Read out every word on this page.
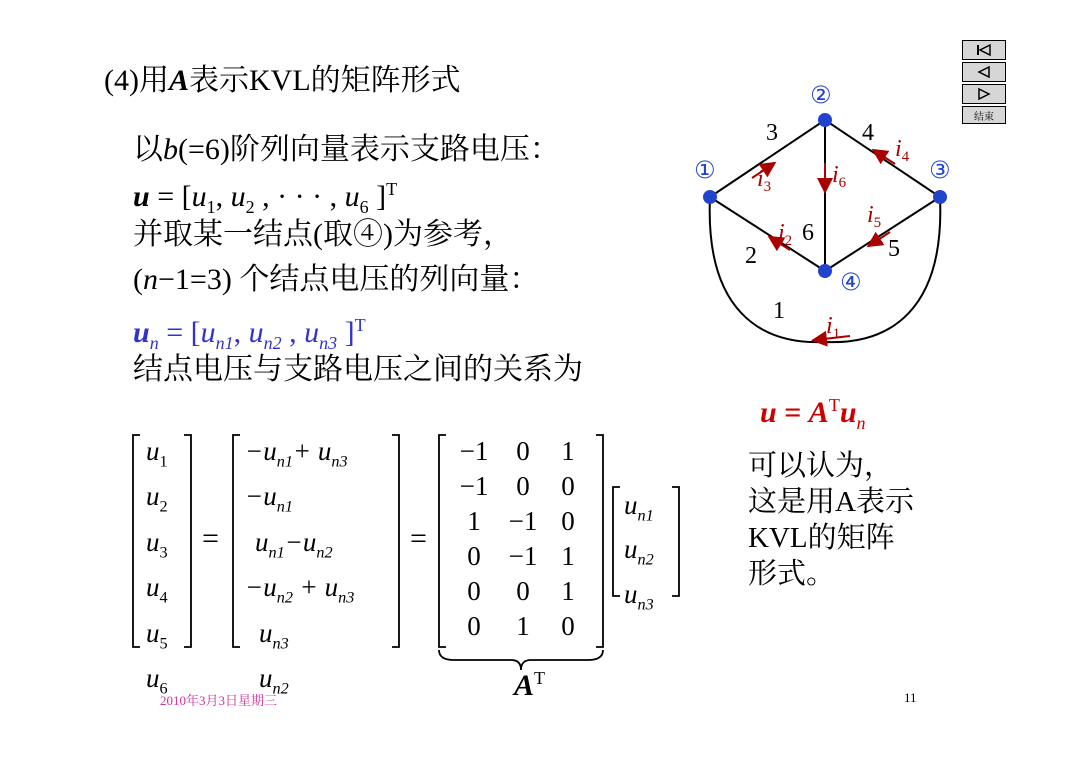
(4)用A表示KVL的矩阵形式
以b(=6)阶列向量表示支路电压：
$u = [u_1$, $u_2$ , · · · , $u_6$ ]$^T$
并取某一结点(取④)为参考，
(n−1=3) 个结点电压的列向量：
$u_n = [u_{n1}$, $u_{n2}$ , $u_{n3}$ ]$^T$
结点电压与支路电压之间的关系为
$u = A^Tu_n$
①
②
③
④
1
2
3	4
5
6
$i_1$
$i_2$
$i_3$
$i_4$
$i_5$
$i_6$
结束
$u_1$
$u_2$
$u_3$
$u_4$
$u_5$
$u_6$
=
$-u_{n1}+ u_{n3}$
$-u_{n1}$
$u_{n1}-u_{n2}$
$-u_{n2} + u_{n3}$
$u_{n3}$
$u_{n2}$
=
−1 0 1
−1 0 0
1 −1 0
0 −1 1
0 0 1
0 1 0
$u_{n1}$
$u_{n2}$
$u_{n3}$
$A^T$
可以认为，
这是用A表示
KVL的矩阵
形式。
2010年3月3日星期三	11
